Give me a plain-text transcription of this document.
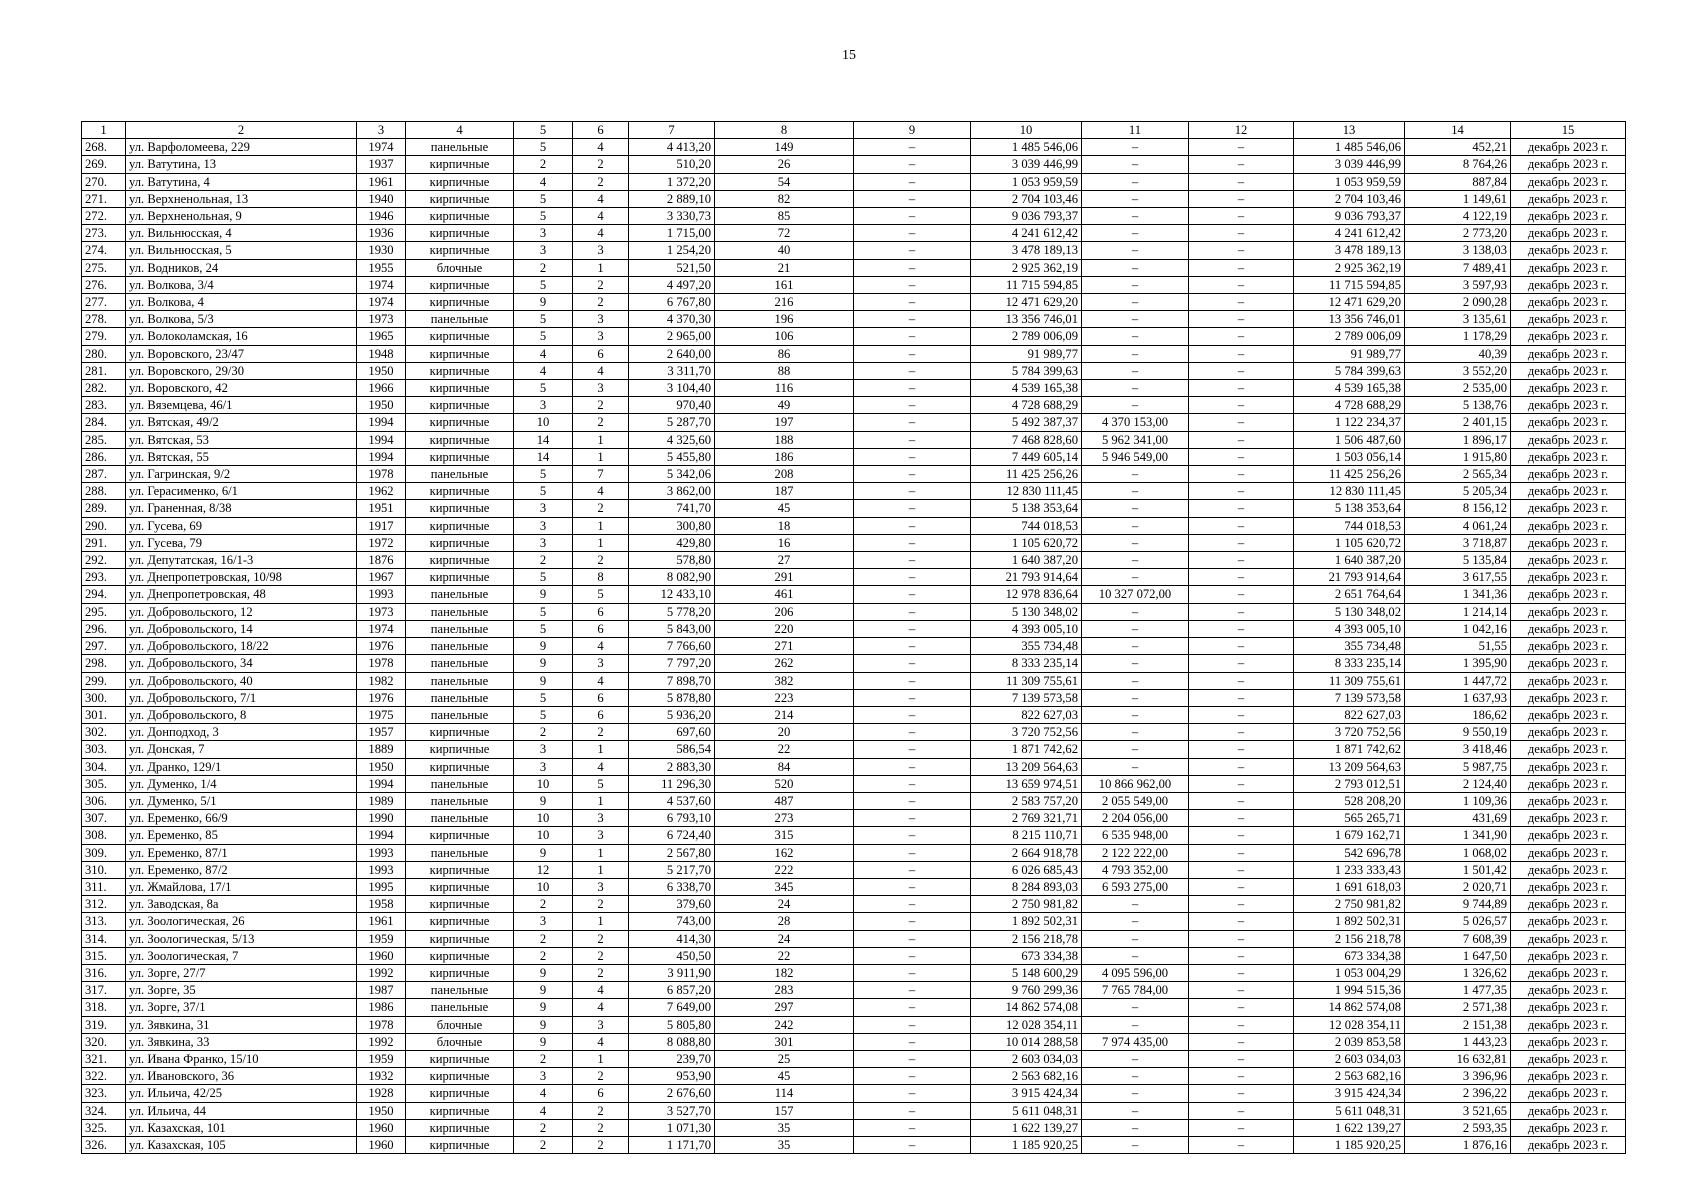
15
1	2	3	4	5	6	7	8	9	10	11	12	13	14	15
268.	ул. Варфоломеева, 229	1974	панельные	5	4	4 413,20	149	–	1 485 546,06	–	–	1 485 546,06	452,21	декабрь 2023 г.
269.	ул. Ватутина, 13	1937	кирпичные	2	2	510,20	26	–	3 039 446,99	–	–	3 039 446,99	8 764,26	декабрь 2023 г.
270.	ул. Ватутина, 4	1961	кирпичные	4	2	1 372,20	54	–	1 053 959,59	–	–	1 053 959,59	887,84	декабрь 2023 г.
271.	ул. Верхненольная, 13	1940	кирпичные	5	4	2 889,10	82	–	2 704 103,46	–	–	2 704 103,46	1 149,61	декабрь 2023 г.
272.	ул. Верхненольная, 9	1946	кирпичные	5	4	3 330,73	85	–	9 036 793,37	–	–	9 036 793,37	4 122,19	декабрь 2023 г.
273.	ул. Вильнюсская, 4	1936	кирпичные	3	4	1 715,00	72	–	4 241 612,42	–	–	4 241 612,42	2 773,20	декабрь 2023 г.
274.	ул. Вильнюсская, 5	1930	кирпичные	3	3	1 254,20	40	–	3 478 189,13	–	–	3 478 189,13	3 138,03	декабрь 2023 г.
275.	ул. Водников, 24	1955	блочные	2	1	521,50	21	–	2 925 362,19	–	–	2 925 362,19	7 489,41	декабрь 2023 г.
276.	ул. Волкова, 3/4	1974	кирпичные	5	2	4 497,20	161	–	11 715 594,85	–	–	11 715 594,85	3 597,93	декабрь 2023 г.
277.	ул. Волкова, 4	1974	кирпичные	9	2	6 767,80	216	–	12 471 629,20	–	–	12 471 629,20	2 090,28	декабрь 2023 г.
278.	ул. Волкова, 5/3	1973	панельные	5	3	4 370,30	196	–	13 356 746,01	–	–	13 356 746,01	3 135,61	декабрь 2023 г.
279.	ул. Волоколамская, 16	1965	кирпичные	5	3	2 965,00	106	–	2 789 006,09	–	–	2 789 006,09	1 178,29	декабрь 2023 г.
280.	ул. Воровского, 23/47	1948	кирпичные	4	6	2 640,00	86	–	91 989,77	–	–	91 989,77	40,39	декабрь 2023 г.
281.	ул. Воровского, 29/30	1950	кирпичные	4	4	3 311,70	88	–	5 784 399,63	–	–	5 784 399,63	3 552,20	декабрь 2023 г.
282.	ул. Воровского, 42	1966	кирпичные	5	3	3 104,40	116	–	4 539 165,38	–	–	4 539 165,38	2 535,00	декабрь 2023 г.
283.	ул. Вяземцева, 46/1	1950	кирпичные	3	2	970,40	49	–	4 728 688,29	–	–	4 728 688,29	5 138,76	декабрь 2023 г.
284.	ул. Вятская, 49/2	1994	кирпичные	10	2	5 287,70	197	–	5 492 387,37	4 370 153,00	–	1 122 234,37	2 401,15	декабрь 2023 г.
285.	ул. Вятская, 53	1994	кирпичные	14	1	4 325,60	188	–	7 468 828,60	5 962 341,00	–	1 506 487,60	1 896,17	декабрь 2023 г.
286.	ул. Вятская, 55	1994	кирпичные	14	1	5 455,80	186	–	7 449 605,14	5 946 549,00	–	1 503 056,14	1 915,80	декабрь 2023 г.
287.	ул. Гагринская, 9/2	1978	панельные	5	7	5 342,06	208	–	11 425 256,26	–	–	11 425 256,26	2 565,34	декабрь 2023 г.
288.	ул. Герасименко, 6/1	1962	кирпичные	5	4	3 862,00	187	–	12 830 111,45	–	–	12 830 111,45	5 205,34	декабрь 2023 г.
289.	ул. Граненная, 8/38	1951	кирпичные	3	2	741,70	45	–	5 138 353,64	–	–	5 138 353,64	8 156,12	декабрь 2023 г.
290.	ул. Гусева, 69	1917	кирпичные	3	1	300,80	18	–	744 018,53	–	–	744 018,53	4 061,24	декабрь 2023 г.
291.	ул. Гусева, 79	1972	кирпичные	3	1	429,80	16	–	1 105 620,72	–	–	1 105 620,72	3 718,87	декабрь 2023 г.
292.	ул. Депутатская, 16/1-3	1876	кирпичные	2	2	578,80	27	–	1 640 387,20	–	–	1 640 387,20	5 135,84	декабрь 2023 г.
293.	ул. Днепропетровская, 10/98	1967	кирпичные	5	8	8 082,90	291	–	21 793 914,64	–	–	21 793 914,64	3 617,55	декабрь 2023 г.
294.	ул. Днепропетровская, 48	1993	панельные	9	5	12 433,10	461	–	12 978 836,64	10 327 072,00	–	2 651 764,64	1 341,36	декабрь 2023 г.
295.	ул. Добровольского, 12	1973	панельные	5	6	5 778,20	206	–	5 130 348,02	–	–	5 130 348,02	1 214,14	декабрь 2023 г.
296.	ул. Добровольского, 14	1974	панельные	5	6	5 843,00	220	–	4 393 005,10	–	–	4 393 005,10	1 042,16	декабрь 2023 г.
297.	ул. Добровольского, 18/22	1976	панельные	9	4	7 766,60	271	–	355 734,48	–	–	355 734,48	51,55	декабрь 2023 г.
298.	ул. Добровольского, 34	1978	панельные	9	3	7 797,20	262	–	8 333 235,14	–	–	8 333 235,14	1 395,90	декабрь 2023 г.
299.	ул. Добровольского, 40	1982	панельные	9	4	7 898,70	382	–	11 309 755,61	–	–	11 309 755,61	1 447,72	декабрь 2023 г.
300.	ул. Добровольского, 7/1	1976	панельные	5	6	5 878,80	223	–	7 139 573,58	–	–	7 139 573,58	1 637,93	декабрь 2023 г.
301.	ул. Добровольского, 8	1975	панельные	5	6	5 936,20	214	–	822 627,03	–	–	822 627,03	186,62	декабрь 2023 г.
302.	ул. Донподход, 3	1957	кирпичные	2	2	697,60	20	–	3 720 752,56	–	–	3 720 752,56	9 550,19	декабрь 2023 г.
303.	ул. Донская, 7	1889	кирпичные	3	1	586,54	22	–	1 871 742,62	–	–	1 871 742,62	3 418,46	декабрь 2023 г.
304.	ул. Дранко, 129/1	1950	кирпичные	3	4	2 883,30	84	–	13 209 564,63	–	–	13 209 564,63	5 987,75	декабрь 2023 г.
305.	ул. Думенко, 1/4	1994	панельные	10	5	11 296,30	520	–	13 659 974,51	10 866 962,00	–	2 793 012,51	2 124,40	декабрь 2023 г.
306.	ул. Думенко, 5/1	1989	панельные	9	1	4 537,60	487	–	2 583 757,20	2 055 549,00	–	528 208,20	1 109,36	декабрь 2023 г.
307.	ул. Еременко, 66/9	1990	панельные	10	3	6 793,10	273	–	2 769 321,71	2 204 056,00	–	565 265,71	431,69	декабрь 2023 г.
308.	ул. Еременко, 85	1994	кирпичные	10	3	6 724,40	315	–	8 215 110,71	6 535 948,00	–	1 679 162,71	1 341,90	декабрь 2023 г.
309.	ул. Еременко, 87/1	1993	панельные	9	1	2 567,80	162	–	2 664 918,78	2 122 222,00	–	542 696,78	1 068,02	декабрь 2023 г.
310.	ул. Еременко, 87/2	1993	кирпичные	12	1	5 217,70	222	–	6 026 685,43	4 793 352,00	–	1 233 333,43	1 501,42	декабрь 2023 г.
311.	ул. Жмайлова, 17/1	1995	кирпичные	10	3	6 338,70	345	–	8 284 893,03	6 593 275,00	–	1 691 618,03	2 020,71	декабрь 2023 г.
312.	ул. Заводская, 8а	1958	кирпичные	2	2	379,60	24	–	2 750 981,82	–	–	2 750 981,82	9 744,89	декабрь 2023 г.
313.	ул. Зоологическая, 26	1961	кирпичные	3	1	743,00	28	–	1 892 502,31	–	–	1 892 502,31	5 026,57	декабрь 2023 г.
314.	ул. Зоологическая, 5/13	1959	кирпичные	2	2	414,30	24	–	2 156 218,78	–	–	2 156 218,78	7 608,39	декабрь 2023 г.
315.	ул. Зоологическая, 7	1960	кирпичные	2	2	450,50	22	–	673 334,38	–	–	673 334,38	1 647,50	декабрь 2023 г.
316.	ул. Зорге, 27/7	1992	кирпичные	9	2	3 911,90	182	–	5 148 600,29	4 095 596,00	–	1 053 004,29	1 326,62	декабрь 2023 г.
317.	ул. Зорге, 35	1987	панельные	9	4	6 857,20	283	–	9 760 299,36	7 765 784,00	–	1 994 515,36	1 477,35	декабрь 2023 г.
318.	ул. Зорге, 37/1	1986	панельные	9	4	7 649,00	297	–	14 862 574,08	–	–	14 862 574,08	2 571,38	декабрь 2023 г.
319.	ул. Зявкина, 31	1978	блочные	9	3	5 805,80	242	–	12 028 354,11	–	–	12 028 354,11	2 151,38	декабрь 2023 г.
320.	ул. Зявкина, 33	1992	блочные	9	4	8 088,80	301	–	10 014 288,58	7 974 435,00	–	2 039 853,58	1 443,23	декабрь 2023 г.
321.	ул. Ивана Франко, 15/10	1959	кирпичные	2	1	239,70	25	–	2 603 034,03	–	–	2 603 034,03	16 632,81	декабрь 2023 г.
322.	ул. Ивановского, 36	1932	кирпичные	3	2	953,90	45	–	2 563 682,16	–	–	2 563 682,16	3 396,96	декабрь 2023 г.
323.	ул. Ильича, 42/25	1928	кирпичные	4	6	2 676,60	114	–	3 915 424,34	–	–	3 915 424,34	2 396,22	декабрь 2023 г.
324.	ул. Ильича, 44	1950	кирпичные	4	2	3 527,70	157	–	5 611 048,31	–	–	5 611 048,31	3 521,65	декабрь 2023 г.
325.	ул. Казахская, 101	1960	кирпичные	2	2	1 071,30	35	–	1 622 139,27	–	–	1 622 139,27	2 593,35	декабрь 2023 г.
326.	ул. Казахская, 105	1960	кирпичные	2	2	1 171,70	35	–	1 185 920,25	–	–	1 185 920,25	1 876,16	декабрь 2023 г.
